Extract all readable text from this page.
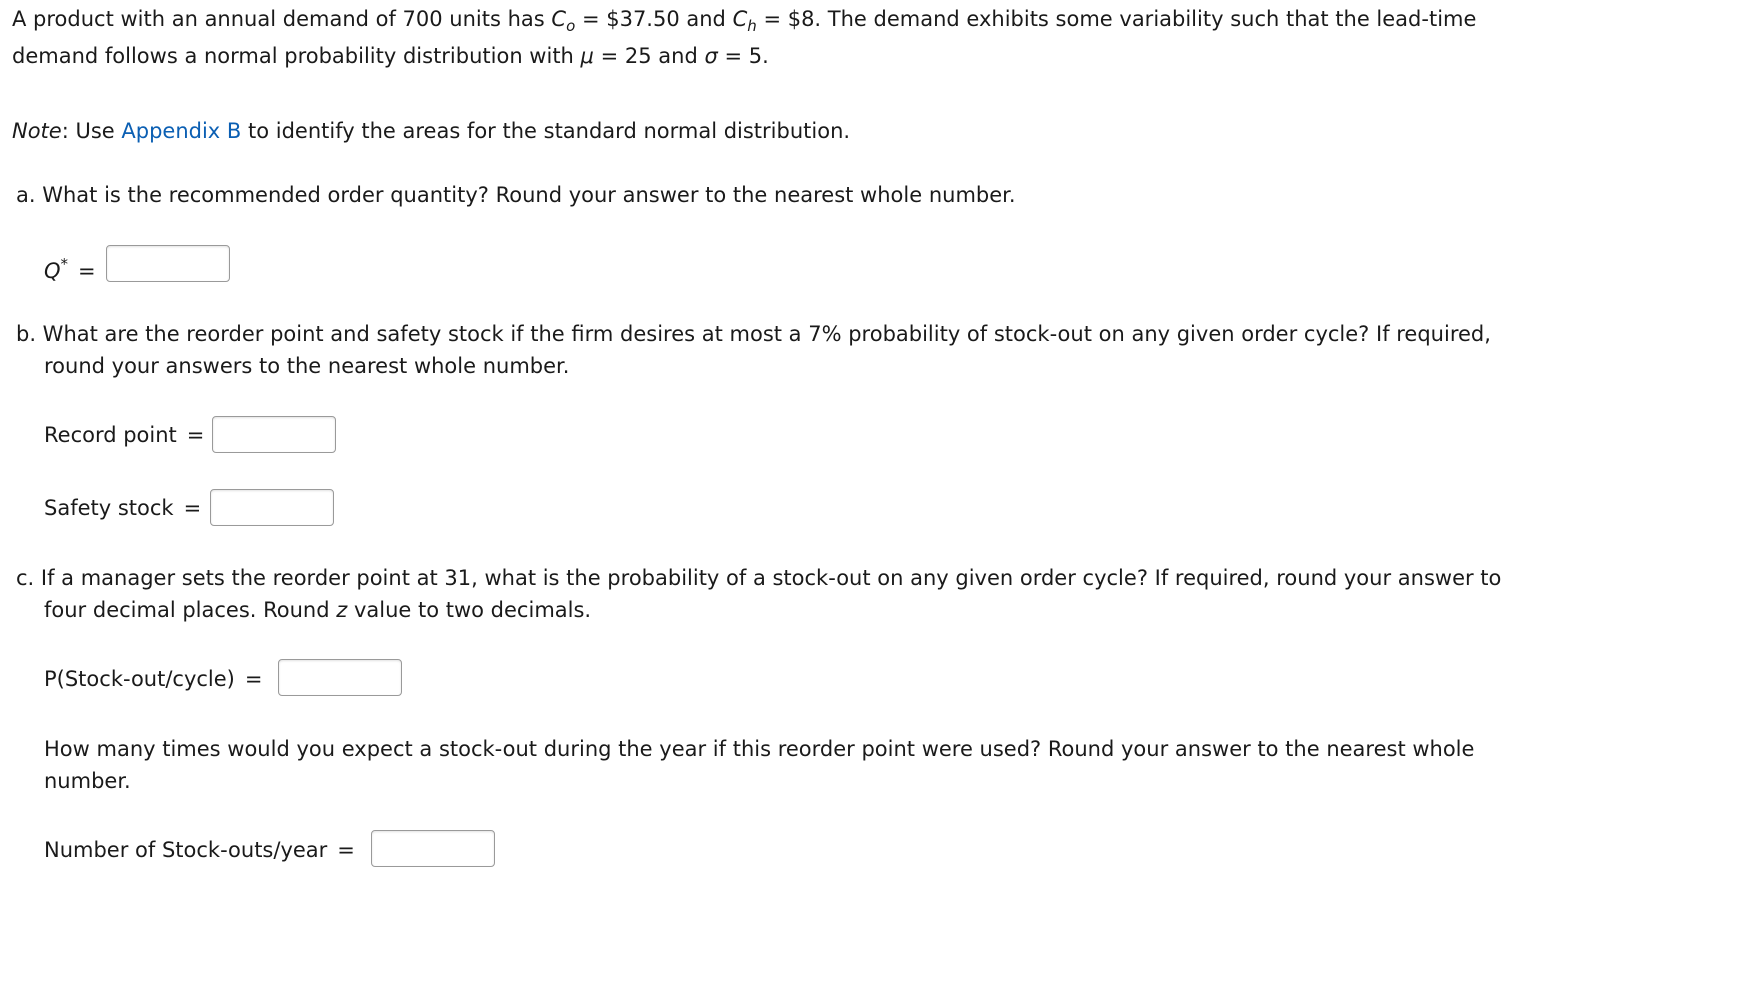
A product with an annual demand of 700 units has $C_o$ = $37.50 and $C_h$ = $8. The demand exhibits some variability such that the lead-time
demand follows a normal probability distribution with μ = 25 and σ = 5.
Note: Use Appendix B to identify the areas for the standard normal distribution.
a. What is the recommended order quantity? Round your answer to the nearest whole number.
Q* =
b. What are the reorder point and safety stock if the firm desires at most a 7% probability of stock-out on any given order cycle? If required,
round your answers to the nearest whole number.
Record point =
Safety stock =
c. If a manager sets the reorder point at 31, what is the probability of a stock-out on any given order cycle? If required, round your answer to
four decimal places. Round z value to two decimals.
P(Stock-out/cycle) =
How many times would you expect a stock-out during the year if this reorder point were used? Round your answer to the nearest whole
number.
Number of Stock-outs/year =
